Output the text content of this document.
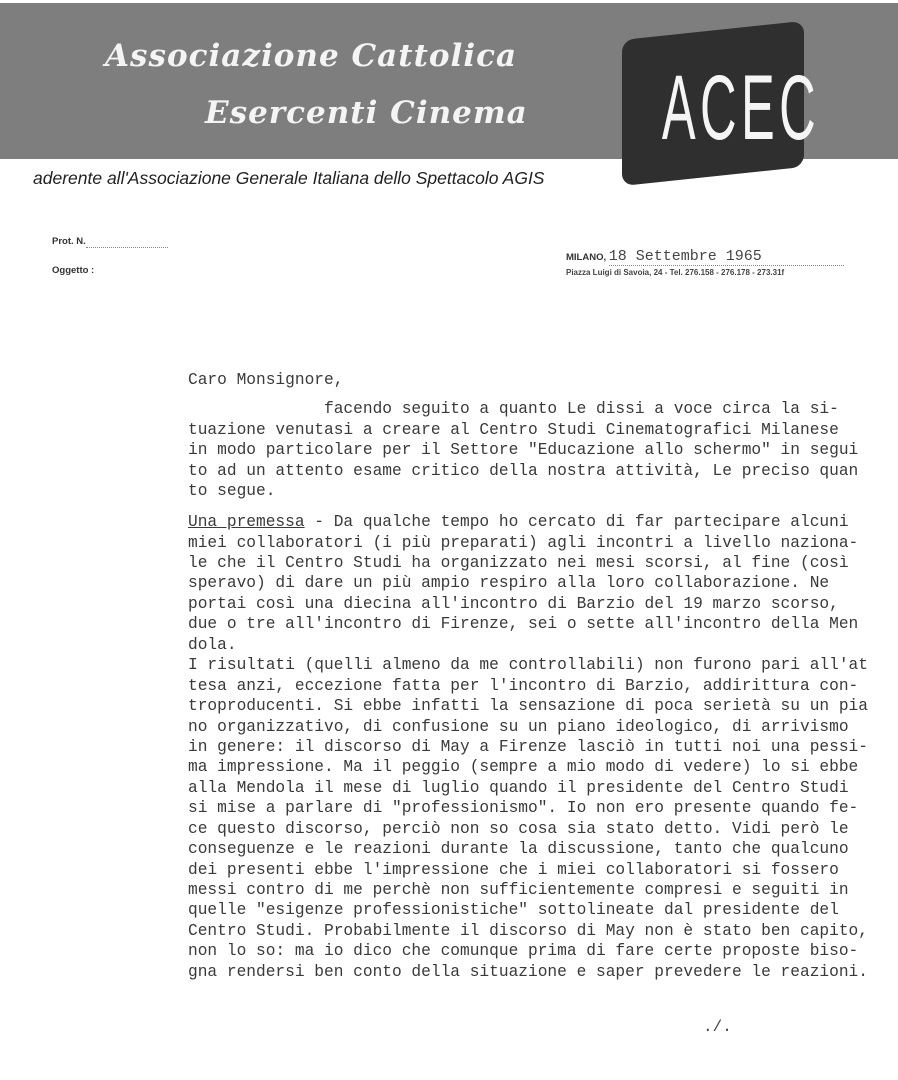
Associazione Cattolica
Esercenti Cinema ACEC
aderente all'Associazione Generale Italiana dello Spettacolo AGIS
Prot. N.
Oggetto :
MILANO, 18 Settembre 1965
Piazza Luigi di Savoia, 24 - Tel. 276.158 - 276.178 - 273.31f
Caro Monsignore,
facendo seguito a quanto Le dissi a voce circa la si-
tuazione venutasi a creare al Centro Studi Cinematografici Milanese
in modo particolare per il Settore "Educazione allo schermo" in segui
to ad un attento esame critico della nostra attività, Le preciso quan
to segue.
Una premessa - Da qualche tempo ho cercato di far partecipare alcuni
miei collaboratori (i più preparati) agli incontri a livello naziona-
le che il Centro Studi ha organizzato nei mesi scorsi, al fine (così
speravo) di dare un più ampio respiro alla loro collaborazione. Ne
portai così una diecina all'incontro di Barzio del 19 marzo scorso,
due o tre all'incontro di Firenze, sei o sette all'incontro della Men
dola.
I risultati (quelli almeno da me controllabili) non furono pari all'at
tesa anzi, eccezione fatta per l'incontro di Barzio, addirittura con-
troproducenti. Si ebbe infatti la sensazione di poca serietà su un pia
no organizzativo, di confusione su un piano ideologico, di arrivismo
in genere: il discorso di May a Firenze lasciò in tutti noi una pessi-
ma impressione. Ma il peggio (sempre a mio modo di vedere) lo si ebbe
alla Mendola il mese di luglio quando il presidente del Centro Studi
si mise a parlare di "professionismo". Io non ero presente quando fe-
ce questo discorso, perciò non so cosa sia stato detto. Vidi però le
conseguenze e le reazioni durante la discussione, tanto che qualcuno
dei presenti ebbe l'impressione che i miei collaboratori si fossero
messi contro di me perchè non sufficientemente compresi e seguiti in
quelle "esigenze professionistiche" sottolineate dal presidente del
Centro Studi. Probabilmente il discorso di May non è stato ben capito,
non lo so: ma io dico che comunque prima di fare certe proposte biso-
gna rendersi ben conto della situazione e saper prevedere le reazioni.
./.
